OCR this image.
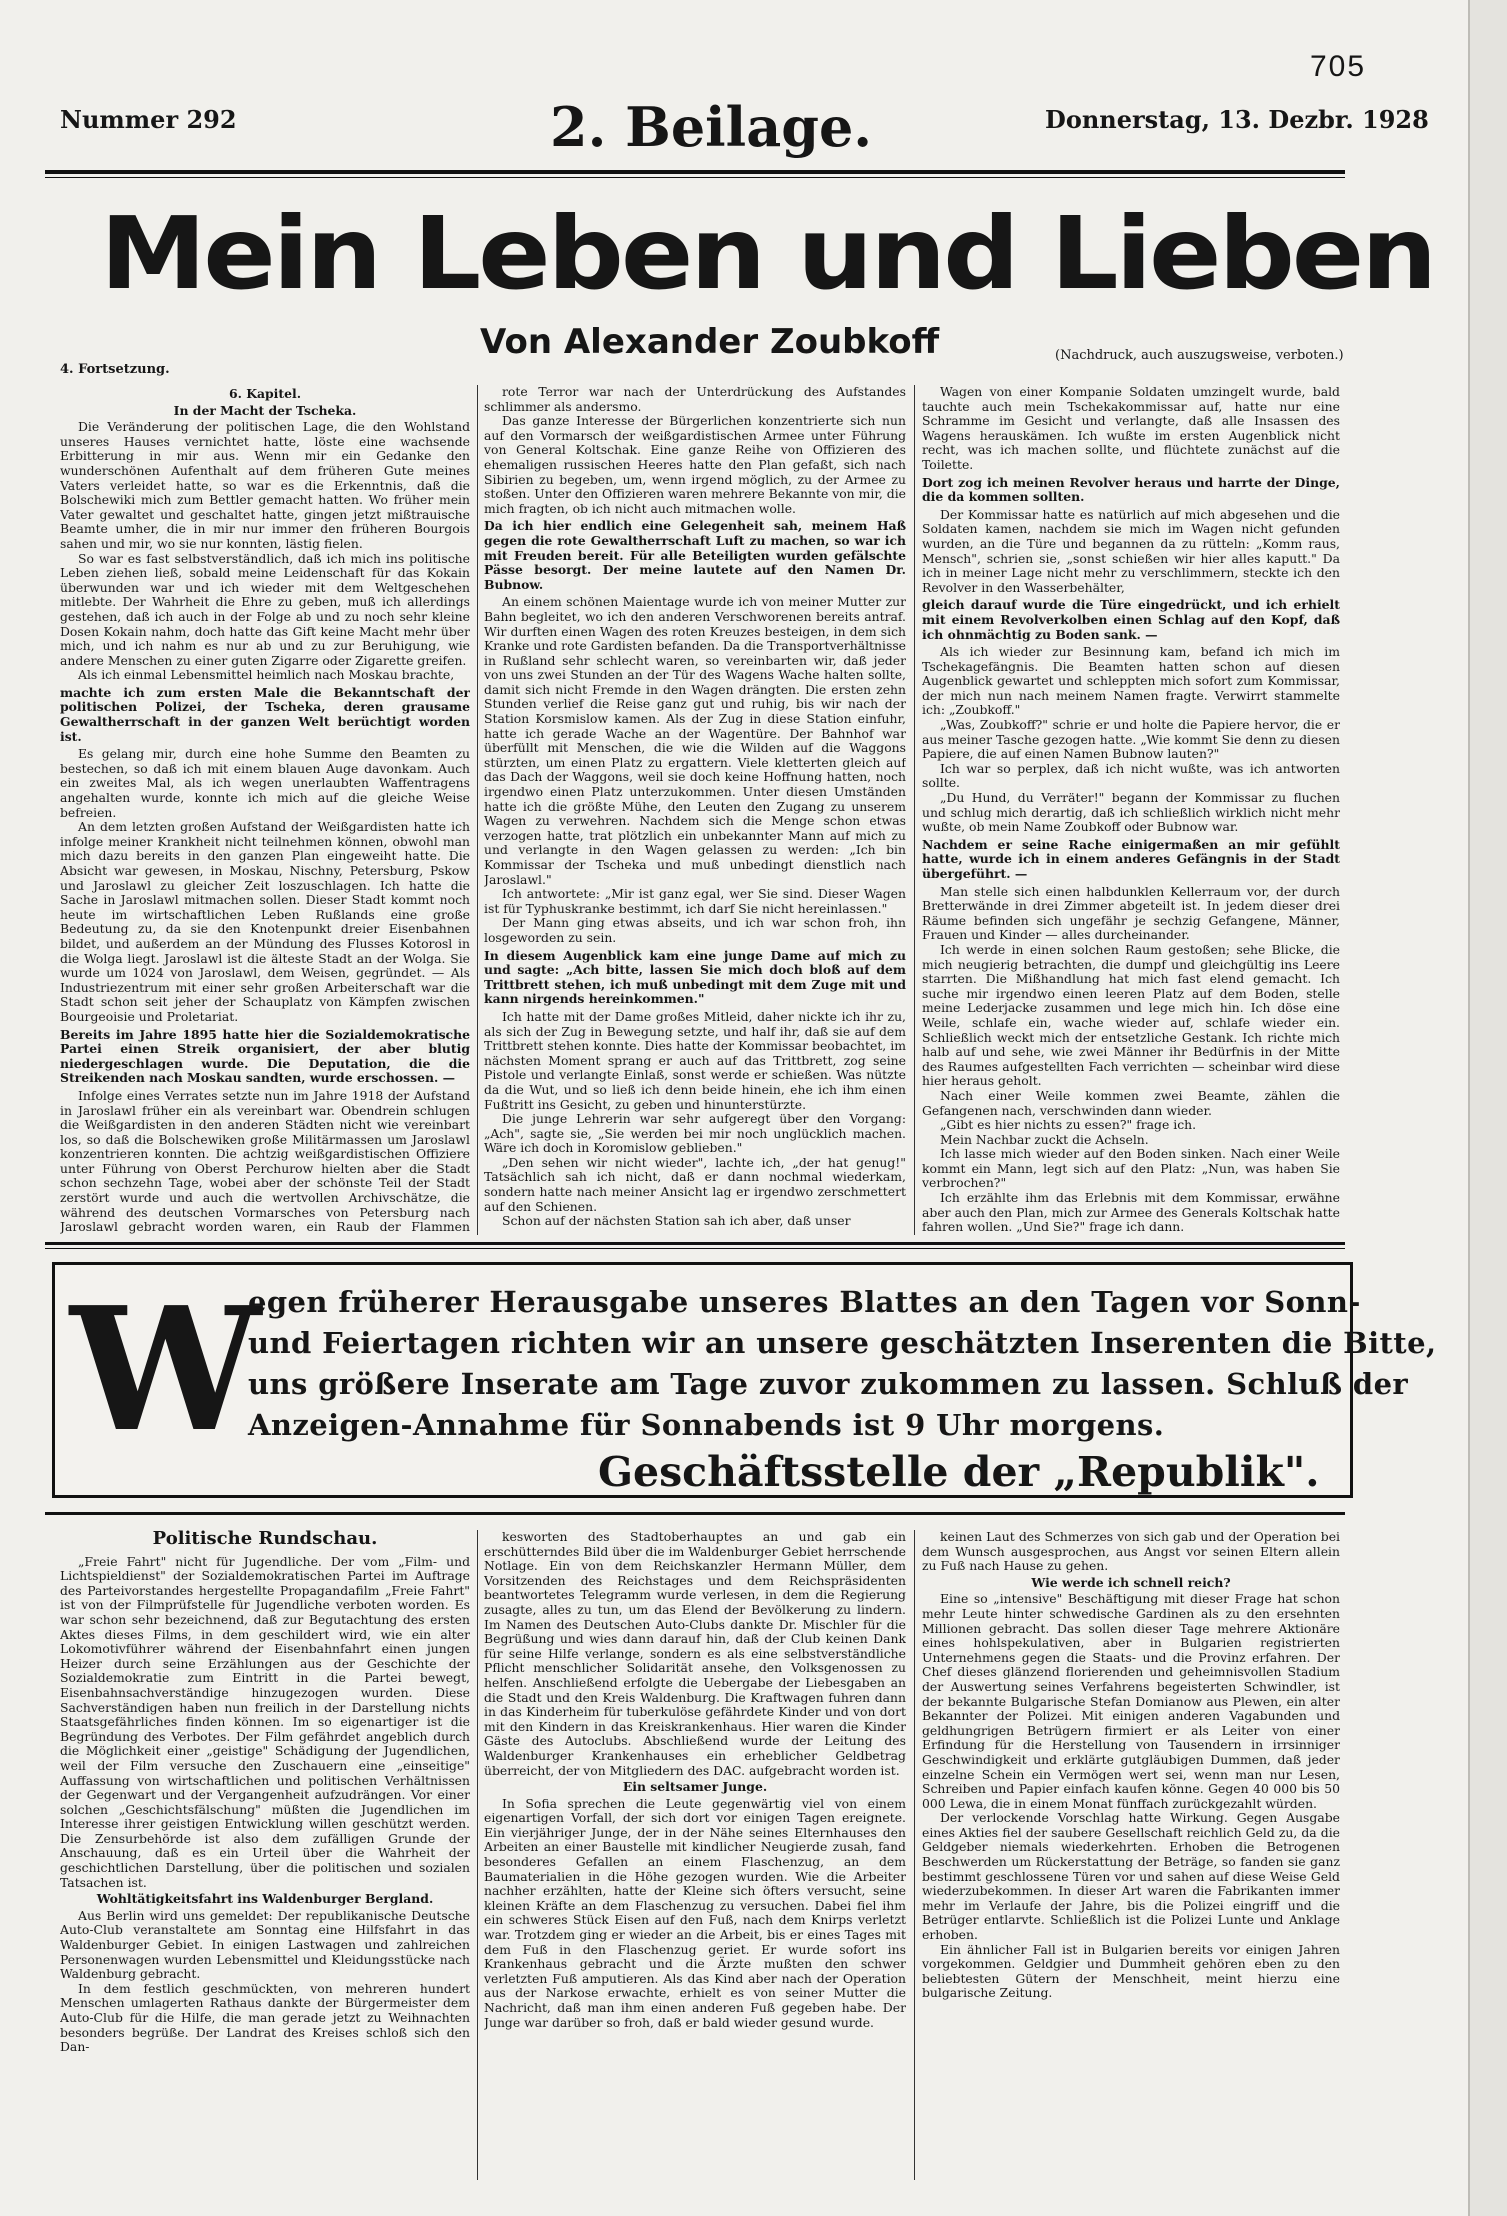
705
Nummer 292	2. Beilage.	Donnerstag, 13. Dezbr. 1928
Mein Leben und Lieben
Von Alexander Zoubkoff
4. Fortsetzung.
(Nachdruck, auch auszugsweise, verboten.)
6. Kapitel.
In der Macht der Tscheka.

Die Veränderung der politischen Lage, die den Wohlstand unseres Hauses vernichtet hatte, löste eine wachsende Erbitterung in mir aus. Wenn mir ein Gedanke den wunderschönen Aufenthalt auf dem früheren Gute meines Vaters verleidet hatte, so war es die Erkenntnis, daß die Bolschewiki mich zum Bettler gemacht hatten. Wo früher mein Vater gewaltet und geschaltet hatte, gingen jetzt mißtrauische Beamte umher, die in mir nur immer den früheren Bourgois sahen und mir, wo sie nur konnten, lästig fielen.

So war es fast selbstverständlich, daß ich mich ins politische Leben ziehen ließ, sobald meine Leidenschaft für das Kokain überwunden war und ich wieder mit dem Weltgeschehen mitlebte. Der Wahrheit die Ehre zu geben, muß ich allerdings gestehen, daß ich auch in der Folge ab und zu noch sehr kleine Dosen Kokain nahm, doch hatte das Gift keine Macht mehr über mich, und ich nahm es nur ab und zu zur Beruhigung, wie andere Menschen zu einer guten Zigarre oder Zigarette greifen.

Als ich einmal Lebensmittel heimlich nach Moskau brachte,

machte ich zum ersten Male die Bekanntschaft der politischen Polizei, der Tscheka, deren grausame Gewaltherrschaft in der ganzen Welt berüchtigt worden ist.

Es gelang mir, durch eine hohe Summe den Beamten zu bestechen, so daß ich mit einem blauen Auge davonkam. Auch ein zweites Mal, als ich wegen unerlaubten Waffentragens angehalten wurde, konnte ich mich auf die gleiche Weise befreien.

An dem letzten großen Aufstand der Weißgardisten hatte ich infolge meiner Krankheit nicht teilnehmen können, obwohl man mich dazu bereits in den ganzen Plan eingeweiht hatte. Die Absicht war gewesen, in Moskau, Nischny, Petersburg, Pskow und Jaroslawl zu gleicher Zeit loszuschlagen. Ich hatte die Sache in Jaroslawl mitmachen sollen. Dieser Stadt kommt noch heute im wirtschaftlichen Leben Rußlands eine große Bedeutung zu, da sie den Knotenpunkt dreier Eisenbahnen bildet, und außerdem an der Mündung des Flusses Kotorosl in die Wolga liegt. Jaroslawl ist die älteste Stadt an der Wolga. Sie wurde um 1024 von Jaroslawl, dem Weisen, gegründet. — Als Industriezentrum mit einer sehr großen Arbeiterschaft war die Stadt schon seit jeher der Schauplatz von Kämpfen zwischen Bourgeoisie und Proletariat.

Bereits im Jahre 1895 hatte hier die Sozialdemokratische Partei einen Streik organisiert, der aber blutig niedergeschlagen wurde. Die Deputation, die die Streikenden nach Moskau sandten, wurde erschossen. —

Infolge eines Verrates setzte nun im Jahre 1918 der Aufstand in Jaroslawl früher ein als vereinbart war. Obendrein schlugen die Weißgardisten in den anderen Städten nicht wie vereinbart los, so daß die Bolschewiken große Militärmassen um Jaroslawl konzentrieren konnten. Die achtzig weißgardistischen Offiziere unter Führung von Oberst Perchurow hielten aber die Stadt schon sechzehn Tage, wobei aber der schönste Teil der Stadt zerstört wurde und auch die wertvollen Archivschätze, die während des deutschen Vormarsches von Petersburg nach Jaroslawl gebracht worden waren, ein Raub der Flammen

rote Terror war nach der Unterdrückung des Aufstandes schlimmer als andersmo.

Das ganze Interesse der Bürgerlichen konzentrierte sich nun auf den Vormarsch der weißgardistischen Armee unter Führung von General Koltschak. Eine ganze Reihe von Offizieren des ehemaligen russischen Heeres hatte den Plan gefaßt, sich nach Sibirien zu begeben, um, wenn irgend möglich, zu der Armee zu stoßen. Unter den Offizieren waren mehrere Bekannte von mir, die mich fragten, ob ich nicht auch mitmachen wolle.

Da ich hier endlich eine Gelegenheit sah, meinem Haß gegen die rote Gewaltherrschaft Luft zu machen, so war ich mit Freuden bereit. Für alle Beteiligten wurden gefälschte Pässe besorgt. Der meine lautete auf den Namen Dr. Bubnow.

An einem schönen Maientage wurde ich von meiner Mutter zur Bahn begleitet, wo ich den anderen Verschworenen bereits antraf. Wir durften einen Wagen des roten Kreuzes besteigen, in dem sich Kranke und rote Gardisten befanden. Da die Transportverhältnisse in Rußland sehr schlecht waren, so vereinbarten wir, daß jeder von uns zwei Stunden an der Tür des Wagens Wache halten sollte, damit sich nicht Fremde in den Wagen drängten. Die ersten zehn Stunden verlief die Reise ganz gut und ruhig, bis wir nach der Station Korsmislow kamen. Als der Zug in diese Station einfuhr, hatte ich gerade Wache an der Wagentüre. Der Bahnhof war überfüllt mit Menschen, die wie die Wilden auf die Waggons stürzten, um einen Platz zu ergattern. Viele kletterten gleich auf das Dach der Waggons, weil sie doch keine Hoffnung hatten, noch irgendwo einen Platz unterzukommen. Unter diesen Umständen hatte ich die größte Mühe, den Leuten den Zugang zu unserem Wagen zu verwehren. Nachdem sich die Menge schon etwas verzogen hatte, trat plötzlich ein unbekannter Mann auf mich zu und verlangte in den Wagen gelassen zu werden: „Ich bin Kommissar der Tscheka und muß unbedingt dienstlich nach Jaroslawl."

Ich antwortete: „Mir ist ganz egal, wer Sie sind. Dieser Wagen ist für Typhuskranke bestimmt, ich darf Sie nicht hereinlassen."

Der Mann ging etwas abseits, und ich war schon froh, ihn losgeworden zu sein.

In diesem Augenblick kam eine junge Dame auf mich zu und sagte: „Ach bitte, lassen Sie mich doch bloß auf dem Trittbrett stehen, ich muß unbedingt mit dem Zuge mit und kann nirgends hereinkommen."

Ich hatte mit der Dame großes Mitleid, daher nickte ich ihr zu, als sich der Zug in Bewegung setzte, und half ihr, daß sie auf dem Trittbrett stehen konnte. Dies hatte der Kommissar beobachtet, im nächsten Moment sprang er auch auf das Trittbrett, zog seine Pistole und verlangte Einlaß, sonst werde er schießen. Was nützte da die Wut, und so ließ ich denn beide hinein, ehe ich ihm einen Fußtritt ins Gesicht, zu geben und hinunterstürzte.

Die junge Lehrerin war sehr aufgeregt über den Vorgang: „Ach", sagte sie, „Sie werden bei mir noch unglücklich machen. Wäre ich doch in Koromislow geblieben."

„Den sehen wir nicht wieder", lachte ich, „der hat genug!" Tatsächlich sah ich nicht, daß er dann nochmal wiederkam, sondern hatte nach meiner Ansicht lag er irgendwo zerschmettert auf den Schienen.

Schon auf der nächsten Station sah ich aber, daß unser

Wagen von einer Kompanie Soldaten umzingelt wurde, bald tauchte auch mein Tschekakommissar auf, hatte nur eine Schramme im Gesicht und verlangte, daß alle Insassen des Wagens herauskämen. Ich wußte im ersten Augenblick nicht recht, was ich machen sollte, und flüchtete zunächst auf die Toilette.

Dort zog ich meinen Revolver heraus und harrte der Dinge, die da kommen sollten.

Der Kommissar hatte es natürlich auf mich abgesehen und die Soldaten kamen, nachdem sie mich im Wagen nicht gefunden wurden, an die Türe und begannen da zu rütteln: „Komm raus, Mensch", schrien sie, „sonst schießen wir hier alles kaputt." Da ich in meiner Lage nicht mehr zu verschlimmern, steckte ich den Revolver in den Wasserbehälter,

gleich darauf wurde die Türe eingedrückt, und ich erhielt mit einem Revolverkolben einen Schlag auf den Kopf, daß ich ohnmächtig zu Boden sank. —

Als ich wieder zur Besinnung kam, befand ich mich im Tschekagefängnis. Die Beamten hatten schon auf diesen Augenblick gewartet und schleppten mich sofort zum Kommissar, der mich nun nach meinem Namen fragte. Verwirrt stammelte ich: „Zoubkoff."

„Was, Zoubkoff?" schrie er und holte die Papiere hervor, die er aus meiner Tasche gezogen hatte. „Wie kommt Sie denn zu diesen Papiere, die auf einen Namen Bubnow lauten?"

Ich war so perplex, daß ich nicht wußte, was ich antworten sollte.

„Du Hund, du Verräter!" begann der Kommissar zu fluchen und schlug mich derartig, daß ich schließlich wirklich nicht mehr wußte, ob mein Name Zoubkoff oder Bubnow war.

Nachdem er seine Rache einigermaßen an mir gefühlt hatte, wurde ich in einem anderes Gefängnis in der Stadt übergeführt. —

Man stelle sich einen halbdunklen Kellerraum vor, der durch Bretterwände in drei Zimmer abgeteilt ist. In jedem dieser drei Räume befinden sich ungefähr je sechzig Gefangene, Männer, Frauen und Kinder — alles durcheinander.

Ich werde in einen solchen Raum gestoßen; sehe Blicke, die mich neugierig betrachten, die dumpf und gleichgültig ins Leere starrten. Die Mißhandlung hat mich fast elend gemacht. Ich suche mir irgendwo einen leeren Platz auf dem Boden, stelle meine Lederjacke zusammen und lege mich hin. Ich döse eine Weile, schlafe ein, wache wieder auf, schlafe wieder ein. Schließlich weckt mich der entsetzliche Gestank. Ich richte mich halb auf und sehe, wie zwei Männer ihr Bedürfnis in der Mitte des Raumes aufgestellten Fach verrichten — scheinbar wird diese hier heraus geholt.

Nach einer Weile kommen zwei Beamte, zählen die Gefangenen nach, verschwinden dann wieder.

„Gibt es hier nichts zu essen?" frage ich.

Mein Nachbar zuckt die Achseln.

Ich lasse mich wieder auf den Boden sinken. Nach einer Weile kommt ein Mann, legt sich auf den Platz: „Nun, was haben Sie verbrochen?"

Ich erzählte ihm das Erlebnis mit dem Kommissar, erwähne aber auch den Plan, mich zur Armee des Generals Koltschak hatte fahren wollen. „Und Sie?" frage ich dann.

W
egen früherer Herausgabe unseres Blattes an den Tagen vor Sonn-
und Feiertagen richten wir an unsere geschätzten Inserenten die Bitte,
uns größere Inserate am Tage zuvor zukommen zu lassen. Schluß der
Anzeigen-Annahme für Sonnabends ist 9 Uhr morgens.
Geschäftsstelle der „Republik".
Politische Rundschau.

„Freie Fahrt" nicht für Jugendliche. Der vom „Film- und Lichtspieldienst" der Sozialdemokratischen Partei im Auftrage des Parteivorstandes hergestellte Propagandafilm „Freie Fahrt" ist von der Filmprüfstelle für Jugendliche verboten worden. Es war schon sehr bezeichnend, daß zur Begutachtung des ersten Aktes dieses Films, in dem geschildert wird, wie ein alter Lokomotivführer während der Eisenbahnfahrt einen jungen Heizer durch seine Erzählungen aus der Geschichte der Sozialdemokratie zum Eintritt in die Partei bewegt, Eisenbahnsachverständige hinzugezogen wurden. Diese Sachverständigen haben nun freilich in der Darstellung nichts Staatsgefährliches finden können. Im so eigenartiger ist die Begründung des Verbotes. Der Film gefährdet angeblich durch die Möglichkeit einer „geistige" Schädigung der Jugendlichen, weil der Film versuche den Zuschauern eine „einseitige" Auffassung von wirtschaftlichen und politischen Verhältnissen der Gegenwart und der Vergangenheit aufzudrängen. Vor einer solchen „Geschichtsfälschung" müßten die Jugendlichen im Interesse ihrer geistigen Entwicklung willen geschützt werden. Die Zensurbehörde ist also dem zufälligen Grunde der Anschauung, daß es ein Urteil über die Wahrheit der geschichtlichen Darstellung, über die politischen und sozialen Tatsachen ist.

Wohltätigkeitsfahrt ins Waldenburger Bergland.

Aus Berlin wird uns gemeldet: Der republikanische Deutsche Auto-Club veranstaltete am Sonntag eine Hilfsfahrt in das Waldenburger Gebiet. In einigen Lastwagen und zahlreichen Personenwagen wurden Lebensmittel und Kleidungsstücke nach Waldenburg gebracht.

In dem festlich geschmückten, von mehreren hundert Menschen umlagerten Rathaus dankte der Bürgermeister dem Auto-Club für die Hilfe, die man gerade jetzt zu Weihnachten besonders begrüße. Der Landrat des Kreises schloß sich den Dan-

kesworten des Stadtoberhauptes an und gab ein erschütterndes Bild über die im Waldenburger Gebiet herrschende Notlage. Ein von dem Reichskanzler Hermann Müller, dem Vorsitzenden des Reichstages und dem Reichspräsidenten beantwortetes Telegramm wurde verlesen, in dem die Regierung zusagte, alles zu tun, um das Elend der Bevölkerung zu lindern. Im Namen des Deutschen Auto-Clubs dankte Dr. Mischler für die Begrüßung und wies dann darauf hin, daß der Club keinen Dank für seine Hilfe verlange, sondern es als eine selbstverständliche Pflicht menschlicher Solidarität ansehe, den Volksgenossen zu helfen. Anschließend erfolgte die Uebergabe der Liebesgaben an die Stadt und den Kreis Waldenburg. Die Kraftwagen fuhren dann in das Kinderheim für tuberkulöse gefährdete Kinder und von dort mit den Kindern in das Kreiskrankenhaus. Hier waren die Kinder Gäste des Autoclubs. Abschließend wurde der Leitung des Waldenburger Krankenhauses ein erheblicher Geldbetrag überreicht, der von Mitgliedern des DAC. aufgebracht worden ist.

Ein seltsamer Junge.

In Sofia sprechen die Leute gegenwärtig viel von einem eigenartigen Vorfall, der sich dort vor einigen Tagen ereignete. Ein vierjähriger Junge, der in der Nähe seines Elternhauses den Arbeiten an einer Baustelle mit kindlicher Neugierde zusah, fand besonderes Gefallen an einem Flaschenzug, an dem Baumaterialien in die Höhe gezogen wurden. Wie die Arbeiter nachher erzählten, hatte der Kleine sich öfters versucht, seine kleinen Kräfte an dem Flaschenzug zu versuchen. Dabei fiel ihm ein schweres Stück Eisen auf den Fuß, nach dem Knirps verletzt war. Trotzdem ging er wieder an die Arbeit, bis er eines Tages mit dem Fuß in den Flaschenzug geriet. Er wurde sofort ins Krankenhaus gebracht und die Ärzte mußten den schwer verletzten Fuß amputieren. Als das Kind aber nach der Operation aus der Narkose erwachte, erhielt es von seiner Mutter die Nachricht, daß man ihm einen anderen Fuß gegeben habe. Der Junge war darüber so froh, daß er bald wieder gesund wurde.

keinen Laut des Schmerzes von sich gab und der Operation bei dem Wunsch ausgesprochen, aus Angst vor seinen Eltern allein zu Fuß nach Hause zu gehen.

Wie werde ich schnell reich?

Eine so „intensive" Beschäftigung mit dieser Frage hat schon mehr Leute hinter schwedische Gardinen als zu den ersehnten Millionen gebracht. Das sollen dieser Tage mehrere Aktionäre eines hohlspekulativen, aber in Bulgarien registrierten Unternehmens gegen die Staats- und die Provinz erfahren. Der Chef dieses glänzend florierenden und geheimnisvollen Stadium der Auswertung seines Verfahrens begeisterten Schwindler, ist der bekannte Bulgarische Stefan Domianow aus Plewen, ein alter Bekannter der Polizei. Mit einigen anderen Vagabunden und geldhungrigen Betrügern firmiert er als Leiter von einer Erfindung für die Herstellung von Tausendern in irrsinniger Geschwindigkeit und erklärte gutgläubigen Dummen, daß jeder einzelne Schein ein Vermögen wert sei, wenn man nur Lesen, Schreiben und Papier einfach kaufen könne. Gegen 40 000 bis 50 000 Lewa, die in einem Monat fünffach zurückgezahlt würden.

Der verlockende Vorschlag hatte Wirkung. Gegen Ausgabe eines Akties fiel der saubere Gesellschaft reichlich Geld zu, da die Geldgeber niemals wiederkehrten. Erhoben die Betrogenen Beschwerden um Rückerstattung der Beträge, so fanden sie ganz bestimmt geschlossene Türen vor und sahen auf diese Weise Geld wiederzubekommen. In dieser Art waren die Fabrikanten immer mehr im Verlaufe der Jahre, bis die Polizei eingriff und die Betrüger entlarvte. Schließlich ist die Polizei Lunte und Anklage erhoben.

Ein ähnlicher Fall ist in Bulgarien bereits vor einigen Jahren vorgekommen. Geldgier und Dummheit gehören eben zu den beliebtesten Gütern der Menschheit, meint hierzu eine bulgarische Zeitung.
